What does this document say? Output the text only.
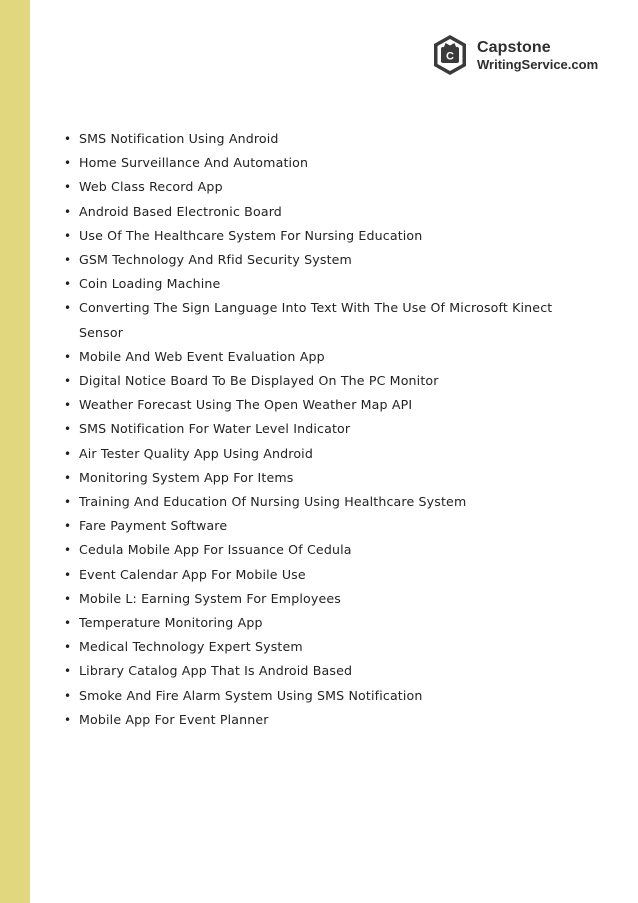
C
Capstone
WritingService.com
• SMS Notification Using Android
• Home Surveillance And Automation
• Web Class Record App
• Android Based Electronic Board
• Use Of The Healthcare System For Nursing Education
• GSM Technology And Rfid Security System
• Coin Loading Machine
• Converting The Sign Language Into Text With The Use Of Microsoft Kinect Sensor
• Mobile And Web Event Evaluation App
• Digital Notice Board To Be Displayed On The PC Monitor
• Weather Forecast Using The Open Weather Map API
• SMS Notification For Water Level Indicator
• Air Tester Quality App Using Android
• Monitoring System App For Items
• Training And Education Of Nursing Using Healthcare System
• Fare Payment Software
• Cedula Mobile App For Issuance Of Cedula
• Event Calendar App For Mobile Use
• Mobile L: Earning System For Employees
• Temperature Monitoring App
• Medical Technology Expert System
• Library Catalog App That Is Android Based
• Smoke And Fire Alarm System Using SMS Notification
• Mobile App For Event Planner
